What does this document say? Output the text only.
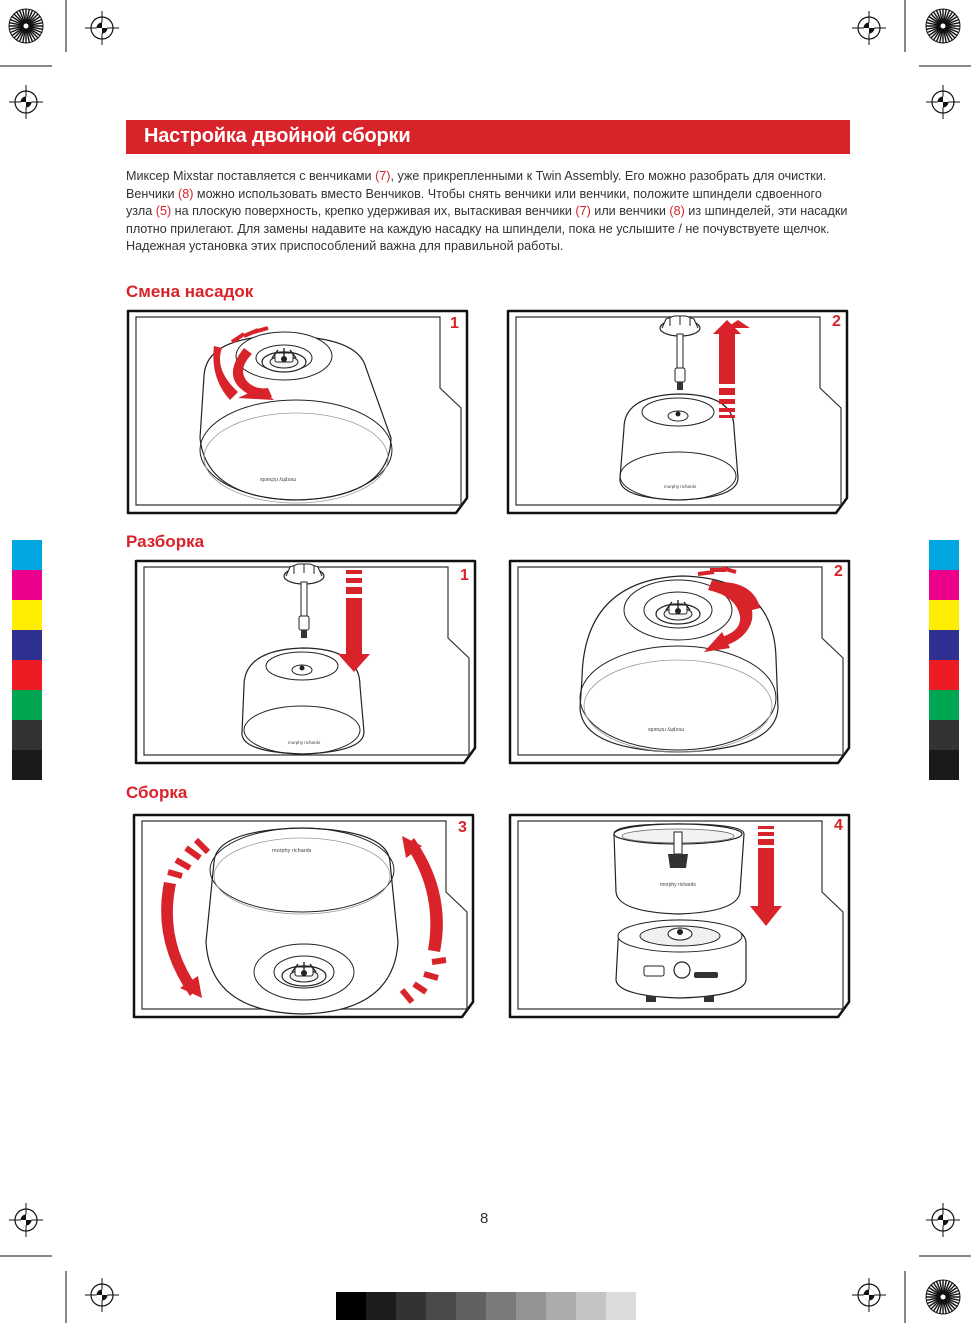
Настройка двойной сборки
Миксер Mixstar поставляется с венчиками (7), уже прикрепленными к Twin Assembly. Его можно разобрать для очистки. Венчики (8) можно использовать вместо Венчиков. Чтобы снять венчики или венчики, положите шпиндели сдвоенного узла (5) на плоскую поверхность, крепко удерживая их, вытаскивая венчики (7) или венчики (8) из шпинделей, эти насадки плотно прилегают. Для замены надавите на каждую насадку на шпиндели, пока не услышите / не почувствуете щелчок. Надежная установка этих приспособлений важна для правильной работы.
Смена насадок
Разборка
Сборка
morphy richards
1
morphy richards
2
morphy richards
1
morphy richards
2
morphy richards
3
morphy richards
4
8
